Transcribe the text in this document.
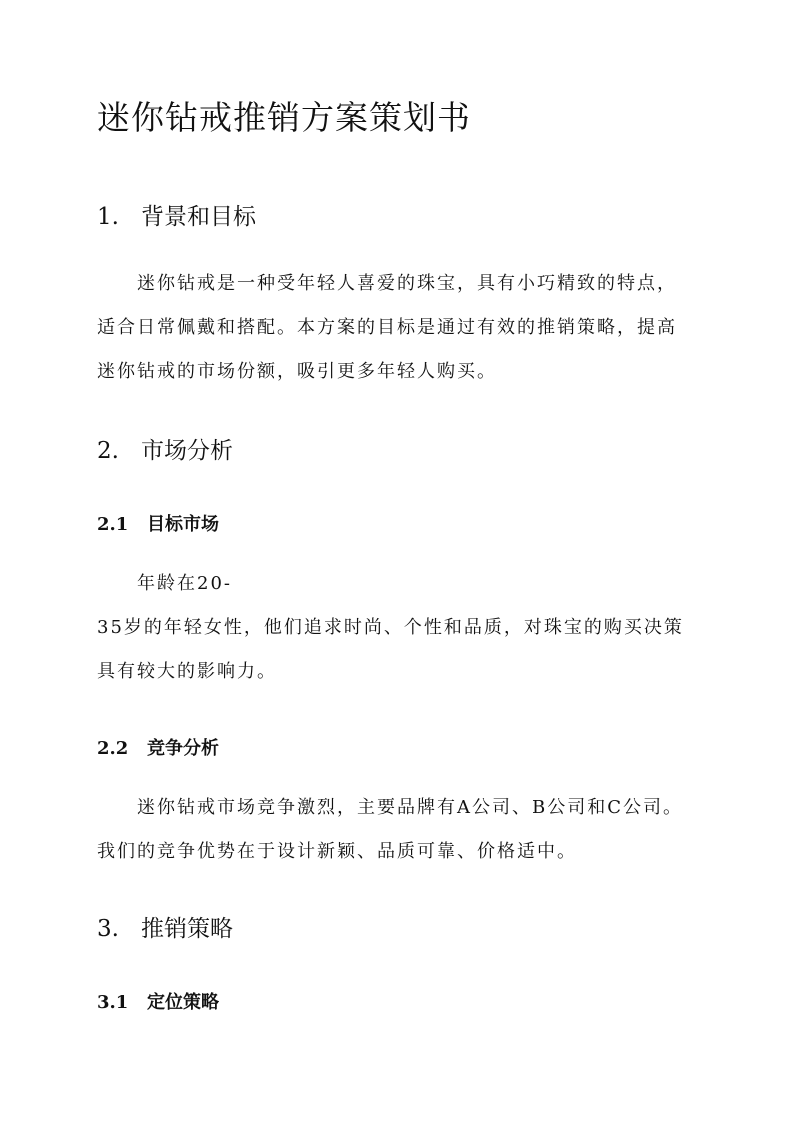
迷你钻戒推销方案策划书
1. 背景和目标
迷你钻戒是一种受年轻人喜爱的珠宝，具有小巧精致的特点，
适合日常佩戴和搭配。本方案的目标是通过有效的推销策略，提高
迷你钻戒的市场份额，吸引更多年轻人购买。
2. 市场分析
2.1 目标市场
年龄在20-
35岁的年轻女性，他们追求时尚、个性和品质，对珠宝的购买决策
具有较大的影响力。
2.2 竞争分析
迷你钻戒市场竞争激烈，主要品牌有A公司、B公司和C公司。
我们的竞争优势在于设计新颖、品质可靠、价格适中。
3. 推销策略
3.1 定位策略
